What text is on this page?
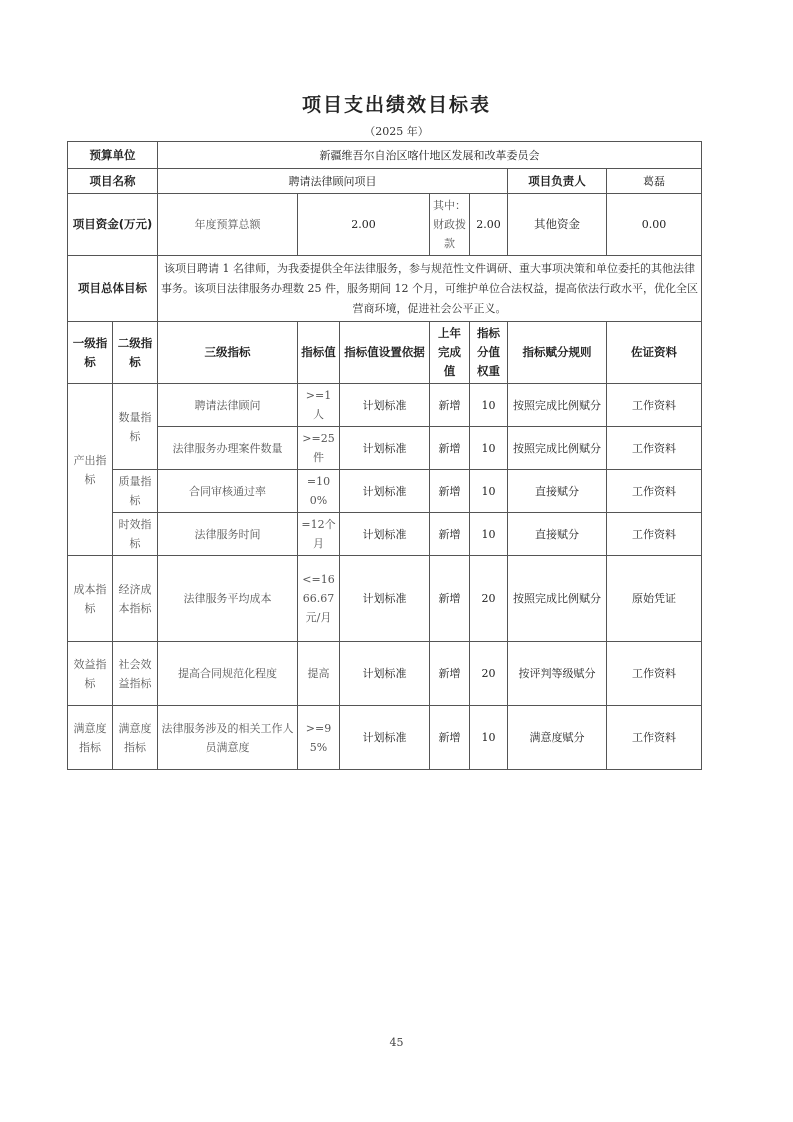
项目支出绩效目标表
（2025 年）
预算单位		新疆维吾尔自治区喀什地区发展和改革委员会						
项目名称		聘请法律顾问项目					项目负责人	葛磊
项目资金(万元)		年度预算总额	2.00		其中：财政拨款	2.00	其他资金	0.00
项目总体目标		该项目聘请 1 名律师，为我委提供全年法律服务，参与规范性文件调研、重大事项决策和单位委托的其他法律事务。该项目法律服务办理数 25 件，服务期间 12 个月，可维护单位合法权益，提高依法行政水平，优化全区营商环境，促进社会公平正义。						
一级指标	二级指标	三级指标	指标值	指标值设置依据	上年完成值	指标分值权重	指标赋分规则	佐证资料
产出指标	数量指标	聘请法律顾问	>=1人	计划标准	新增	10	按照完成比例赋分	工作资料
		法律服务办理案件数量	>=25件	计划标准	新增	10	按照完成比例赋分	工作资料
	质量指标	合同审核通过率	=100%	计划标准	新增	10	直接赋分	工作资料
	时效指标	法律服务时间	=12个月	计划标准	新增	10	直接赋分	工作资料
成本指标	经济成本指标	法律服务平均成本	<=1666.67元/月	计划标准	新增	20	按照完成比例赋分	原始凭证
效益指标	社会效益指标	提高合同规范化程度	提高	计划标准	新增	20	按评判等级赋分	工作资料
满意度指标	满意度指标	法律服务涉及的相关工作人员满意度	>=95%	计划标准	新增	10	满意度赋分	工作资料
45
